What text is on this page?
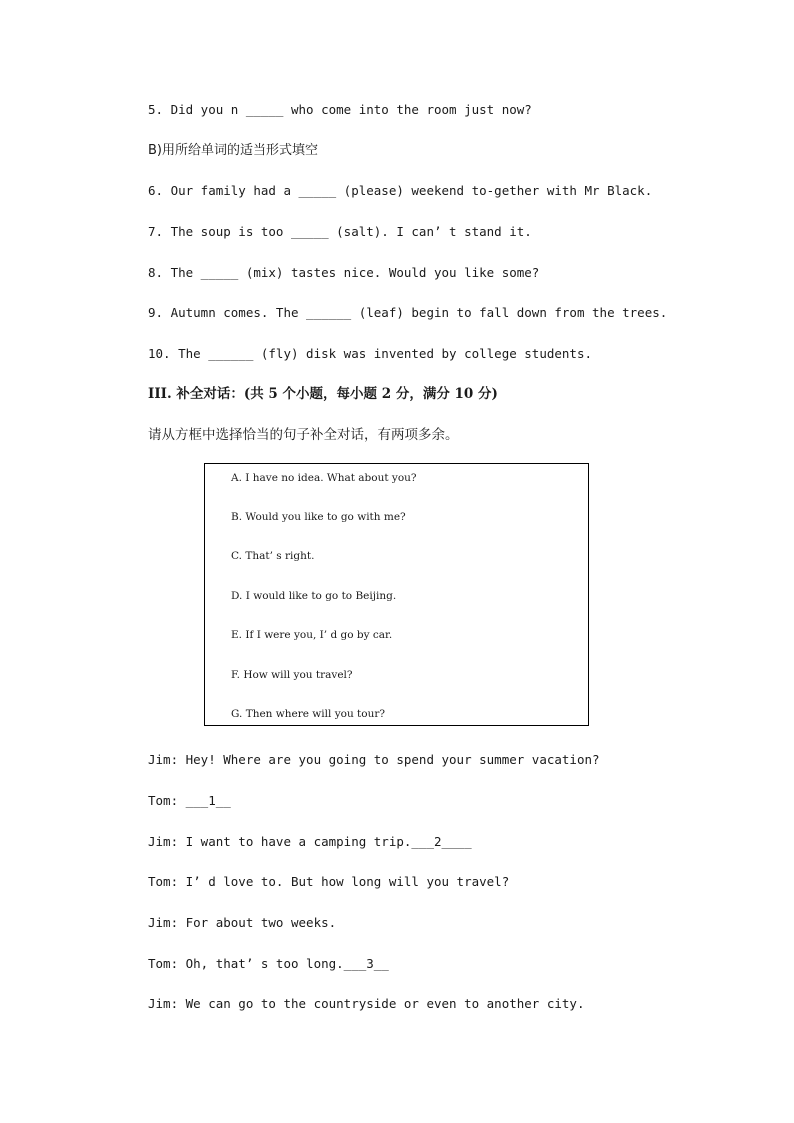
5. Did you n _____ who come into the room just now?
B)用所给单词的适当形式填空
6. Our family had a _____ (please) weekend to-gether with Mr Black.
7. The soup is too _____ (salt). I can’ t stand it.
8. The _____ (mix) tastes nice. Would you like some?
9. Autumn comes. The ______ (leaf) begin to fall down from the trees.
10. The ______ (fly) disk was invented by college students.
III. 补全对话：(共 5 个小题，每小题 2 分，满分 10 分)
请从方框中选择恰当的句子补全对话，有两项多余。
A. I have no idea. What about you?
B. Would you like to go with me?
C. That’ s right.
D. I would like to go to Beijing.
E. If I were you, I’ d go by car.
F. How will you travel?
G. Then where will you tour?
Jim: Hey! Where are you going to spend your summer vacation?
Tom: ___1__
Jim: I want to have a camping trip.___2____
Tom: I’ d love to. But how long will you travel?
Jim: For about two weeks.
Tom: Oh, that’ s too long.___3__
Jim: We can go to the countryside or even to another city.
